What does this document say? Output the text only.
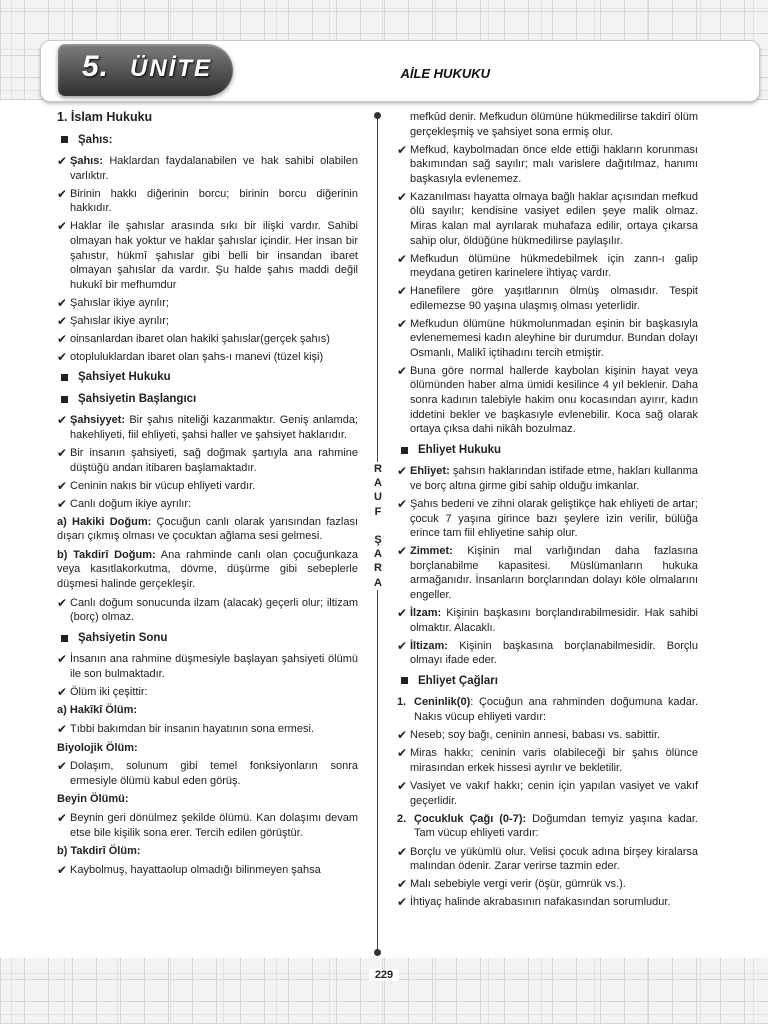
5. ÜNİTE	AİLE HUKUKU
1. İslam Hukuku
Şahıs:
✔ Şahıs: Haklardan faydalanabilen ve hak sahibi olabilen varlıktır.
✔ Birinin hakkı diğerinin borcu; birinin borcu diğerinin hakkıdır.
✔ Haklar ile şahıslar arasında sıkı bir ilişki vardır. Sahibi olmayan hak yoktur ve haklar şahıslar içindir. Her insan bir şahıstır, hükmî şahıslar gibi belli bir insandan ibaret olmayan şahıslar da vardır. Şu halde şahıs maddi değil hukukî bir mefhumdur
✔ Şahıslar ikiye ayrılır;
✔ Şahıslar ikiye ayrılır;
✔ oinsanlardan ibaret olan hakiki şahıslar(gerçek şahıs)
✔ otopluluklardan ibaret olan şahs-ı manevi (tüzel kişi)
Şahsiyet Hukuku
Şahsiyetin Başlangıcı
✔ Şahsiyyet: Bir şahıs niteliği kazanmaktır. Geniş anlamda; hakehliyeti, fiil ehliyeti, şahsi haller ve şahsiyet haklarıdır.
✔ Bir insanın şahsiyeti, sağ doğmak şartıyla ana rahmine düştüğü andan itibaren başlamaktadır.
✔ Ceninin nakıs bir vücup ehliyeti vardır.
✔ Canlı doğum ikiye ayrılır:
a) Hakiki Doğum: Çocuğun canlı olarak yarısından fazlası dışarı çıkmış olması ve çocuktan ağlama sesi gelmesi.
b) Takdirî Doğum: Ana rahminde canlı olan çocuğunkaza veya kasıtlakorkutma, dövme, düşürme gibi sebeplerle düşmesi halinde gerçekleşir.
✔ Canlı doğum sonucunda ilzam (alacak) geçerli olur; iltizam (borç) olmaz.
Şahsiyetin Sonu
✔ İnsanın ana rahmine düşmesiyle başlayan şahsiyeti ölümü ile son bulmaktadır.
✔ Ölüm iki çeşittir:
a) Hakîkî Ölüm:
✔ Tıbbi bakımdan bir insanın hayatının sona ermesi.
Biyolojik Ölüm:
✔ Dolaşım, solunum gibi temel fonksiyonların sonra ermesiyle ölümü kabul eden görüş.
Beyin Ölümü:
✔ Beynin geri dönülmez şekilde ölümü. Kan dolaşımı devam etse bile kişilik sona erer. Tercih edilen görüştür.
b) Takdirî Ölüm:
✔ Kaybolmuş, hayattaolup olmadığı bilinmeyen şahsa
R
A
U
F

Ş
A
R
A
mefkûd denir. Mefkudun ölümüne hükmedilirse takdirî ölüm gerçekleşmiş ve şahsiyet sona ermiş olur.
✔ Mefkud, kaybolmadan önce elde ettiği hakların korunması bakımından sağ sayılır; malı varislere dağıtılmaz, hanımı başkasıyla evlenemez.
✔ Kazanılması hayatta olmaya bağlı haklar açısından mefkud ölü sayılır; kendisine vasiyet edilen şeye malik olmaz. Miras kalan mal ayrılarak muhafaza edilir, ortaya çıkarsa sahip olur, öldüğüne hükmedilirse paylaşılır.
✔ Mefkudun ölümüne hükmedebilmek için zann-ı galip meydana getiren karinelere ihtiyaç vardır.
✔ Hanefilere göre yaşıtlarının ölmüş olmasıdır. Tespit edilemezse 90 yaşına ulaşmış olması yeterlidir.
✔ Mefkudun ölümüne hükmolunmadan eşinin bir başkasıyla evlenememesi kadın aleyhine bir durumdur. Bundan dolayı Osmanlı, Malikî içtihadını tercih etmiştir.
✔ Buna göre normal hallerde kaybolan kişinin hayat veya ölümünden haber alma ümidi kesilince 4 yıl beklenir. Daha sonra kadının talebiyle hakim onu kocasından ayırır, kadın iddetini bekler ve başkasıyle evlenebilir. Koca sağ olarak ortaya çıksa dahi nikâh bozulmaz.
Ehliyet Hukuku
✔ Ehliyet: şahsın haklarından istifade etme, hakları kullanma ve borç altına girme gibi sahip olduğu imkanlar.
✔ Şahıs bedeni ve zihni olarak geliştikçe hak ehliyeti de artar; çocuk 7 yaşına girince bazı şeylere izin verilir, bülüğa erince tam fiil ehliyetine sahip olur.
✔ Zimmet: Kişinin mal varlığından daha fazlasına borçlanabilme kapasitesi. Müslümanların hukuka armağanıdır. İnsanların borçlarından dolayı köle olmalarını engeller.
✔ İlzam: Kişinin başkasını borçlandırabilmesidir. Hak sahibi olmaktır. Alacaklı.
✔ İltizam: Kişinin başkasına borçlanabilmesidir. Borçlu olmayı ifade eder.
Ehliyet Çağları
1. Ceninlik(0): Çocuğun ana rahminden doğumuna kadar. Nakıs vücup ehliyeti vardır:
✔ Neseb; soy bağı, ceninin annesi, babası vs. sabittir.
✔ Miras hakkı; ceninin varis olabileceği bir şahıs ölünce mirasından erkek hissesi ayrılır ve bekletilir.
✔ Vasiyet ve vakıf hakkı; cenin için yapılan vasiyet ve vakıf geçerlidir.
2. Çocukluk Çağı (0-7): Doğumdan temyiz yaşına kadar. Tam vücup ehliyeti vardır:
✔ Borçlu ve yükümlü olur. Velisi çocuk adına birşey kiralarsa malından ödenir. Zarar verirse tazmin eder.
✔ Malı sebebiyle vergi verir (öşür, gümrük vs.).
✔ İhtiyaç halinde akrabasının nafakasından sorumludur.
229
